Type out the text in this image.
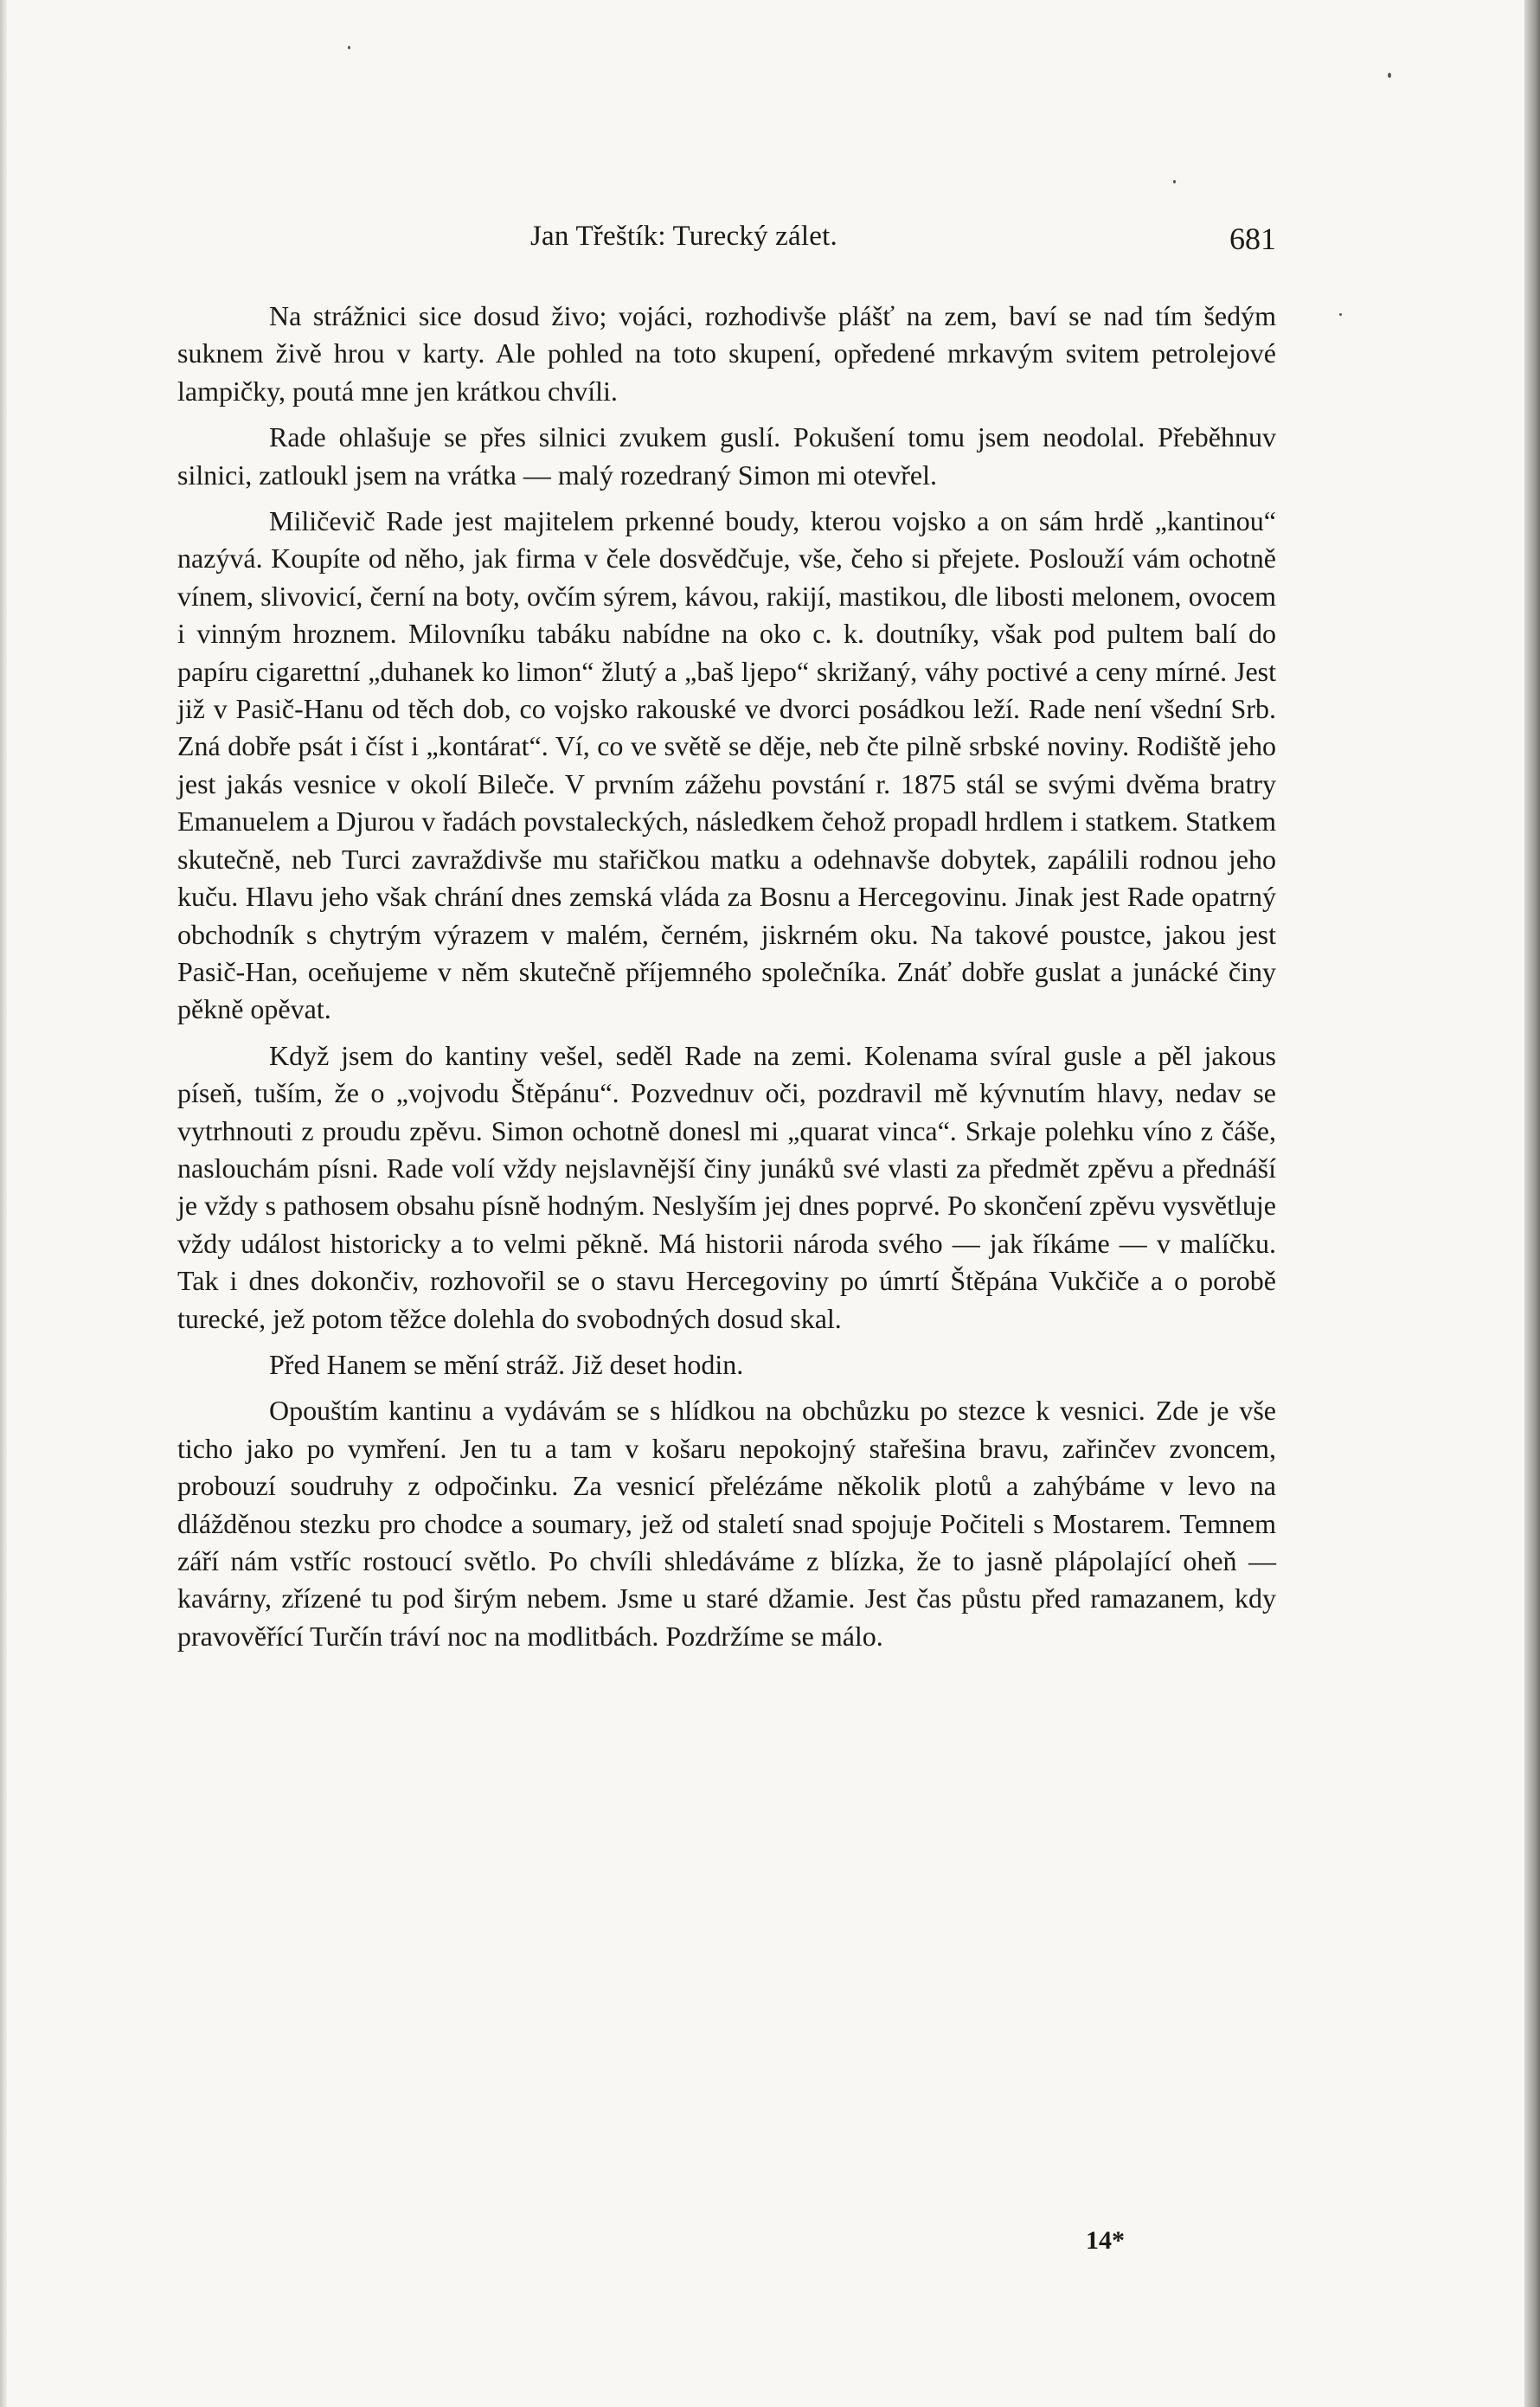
Jan Třeštík: Turecký zálet.	681

Na strážnici sice dosud živo; vojáci, rozhodivše plášť na zem, baví se nad tím šedým suknem živě hrou v karty. Ale pohled na toto skupení, opředené mrkavým svitem petrolejové lampičky, poutá mne jen krátkou chvíli.

Rade ohlašuje se přes silnici zvukem guslí. Pokušení tomu jsem neodolal. Přeběhnuv silnici, zatloukl jsem na vrátka — malý rozedraný Simon mi otevřel.

Miličevič Rade jest majitelem prkenné boudy, kterou vojsko a on sám hrdě „kantinou“ nazývá. Koupíte od něho, jak firma v čele dosvědčuje, vše, čeho si přejete. Poslouží vám ochotně vínem, slivovicí, černí na boty, ovčím sýrem, kávou, rakijí, mastikou, dle libosti melonem, ovocem i vinným hroznem. Milovníku tabáku nabídne na oko c. k. doutníky, však pod pultem balí do papíru cigarettní „duhanek ko limon“ žlutý a „baš ljepo“ skrižaný, váhy poctivé a ceny mírné. Jest již v Pasič-Hanu od těch dob, co vojsko rakouské ve dvorci posádkou leží. Rade není všední Srb. Zná dobře psát i číst i „kontárat“. Ví, co ve světě se děje, neb čte pilně srbské noviny. Rodiště jeho jest jakás vesnice v okolí Bileče. V prvním zážehu povstání r. 1875 stál se svými dvěma bratry Emanuelem a Djurou v řadách povstaleckých, následkem čehož propadl hrdlem i statkem. Statkem skutečně, neb Turci zavraždivše mu stařičkou matku a odehnavše dobytek, zapálili rodnou jeho kuču. Hlavu jeho však chrání dnes zemská vláda za Bosnu a Hercegovinu. Jinak jest Rade opatrný obchodník s chytrým výrazem v malém, černém, jiskrném oku. Na takové poustce, jakou jest Pasič-Han, oceňujeme v něm skutečně příjemného společníka. Znáť dobře guslat a junácké činy pěkně opěvat.

Když jsem do kantiny vešel, seděl Rade na zemi. Kolenama svíral gusle a pěl jakous píseň, tuším, že o „vojvodu Štěpánu“. Pozvednuv oči, pozdravil mě kývnutím hlavy, nedav se vytrhnouti z proudu zpěvu. Simon ochotně donesl mi „quarat vinca“. Srkaje polehku víno z čáše, naslouchám písni. Rade volí vždy nejslavnější činy junáků své vlasti za předmět zpěvu a přednáší je vždy s pathosem obsahu písně hodným. Neslyším jej dnes poprvé. Po skončení zpěvu vysvětluje vždy událost historicky a to velmi pěkně. Má historii národa svého — jak říkáme — v malíčku. Tak i dnes dokončiv, rozhovořil se o stavu Hercegoviny po úmrtí Štěpána Vukčiče a o porobě turecké, jež potom těžce dolehla do svobodných dosud skal.

Před Hanem se mění stráž. Již deset hodin.

Opouštím kantinu a vydávám se s hlídkou na obchůzku po stezce k vesnici. Zde je vše ticho jako po vymření. Jen tu a tam v košaru nepokojný stařešina bravu, zařinčev zvoncem, probouzí soudruhy z odpočinku. Za vesnicí přelézáme několik plotů a zahýbáme v levo na dlážděnou stezku pro chodce a soumary, jež od staletí snad spojuje Počiteli s Mostarem. Temnem září nám vstříc rostoucí světlo. Po chvíli shledáváme z blízka, že to jasně plápolající oheň — kavárny, zřízené tu pod širým nebem. Jsme u staré džamie. Jest čas půstu před ramazanem, kdy pravověřící Turčín tráví noc na modlitbách. Pozdržíme se málo.

14*
